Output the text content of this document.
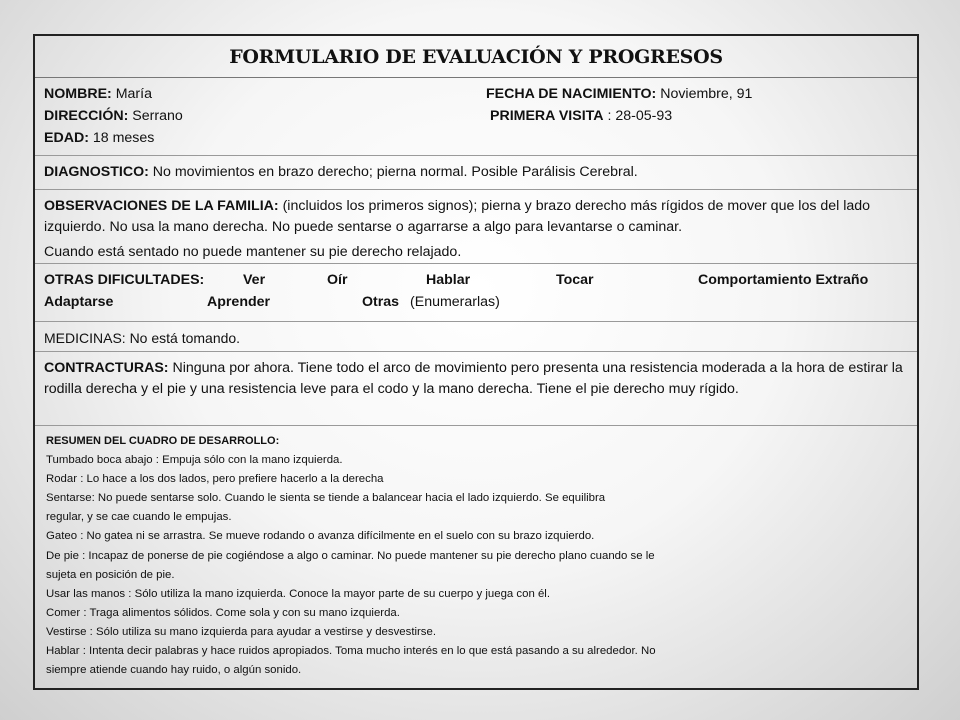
FORMULARIO DE EVALUACIÓN Y PROGRESOS
NOMBRE: María
DIRECCIÓN: Serrano
EDAD: 18 meses
FECHA DE NACIMIENTO: Noviembre, 91
PRIMERA VISITA : 28-05-93
DIAGNOSTICO: No movimientos en brazo derecho; pierna normal. Posible Parálisis Cerebral.

OBSERVACIONES DE LA FAMILIA: (incluidos los primeros signos); pierna y brazo derecho más rígidos de mover que los del lado izquierdo. No usa la mano derecha. No puede sentarse o agarrarse a algo para levantarse o caminar.

Cuando está sentado no puede mantener su pie derecho relajado.

OTRAS DIFICULTADES:	Ver	Oír	Hablar	Tocar	Comportamiento Extraño
Adaptarse	Aprender	Otras (Enumerarlas)
MEDICINAS: No está tomando.
CONTRACTURAS: Ninguna por ahora. Tiene todo el arco de movimiento pero presenta una resistencia moderada a la hora de estirar la rodilla derecha y el pie y una resistencia leve para el codo y la mano derecha. Tiene el pie derecho muy rígido.
RESUMEN DEL CUADRO DE DESARROLLO:
Tumbado boca abajo : Empuja sólo con la mano izquierda.
Rodar : Lo hace a los dos lados, pero prefiere hacerlo a la derecha
Sentarse: No puede sentarse solo. Cuando le sienta se tiende a balancear hacia el lado izquierdo. Se equilibra
regular, y se cae cuando le empujas.
Gateo : No gatea ni se arrastra. Se mueve rodando o avanza difícilmente en el suelo con su brazo izquierdo.
De pie : Incapaz de ponerse de pie cogiéndose a algo o caminar. No puede mantener su pie derecho plano cuando se le
sujeta en posición de pie.
Usar las manos : Sólo utiliza la mano izquierda. Conoce la mayor parte de su cuerpo y juega con él.
Comer : Traga alimentos sólidos. Come sola y con su mano izquierda.
Vestirse : Sólo utiliza su mano izquierda para ayudar a vestirse y desvestirse.
Hablar : Intenta decir palabras y hace ruidos apropiados. Toma mucho interés en lo que está pasando a su alrededor. No
siempre atiende cuando hay ruido, o algún sonido.
